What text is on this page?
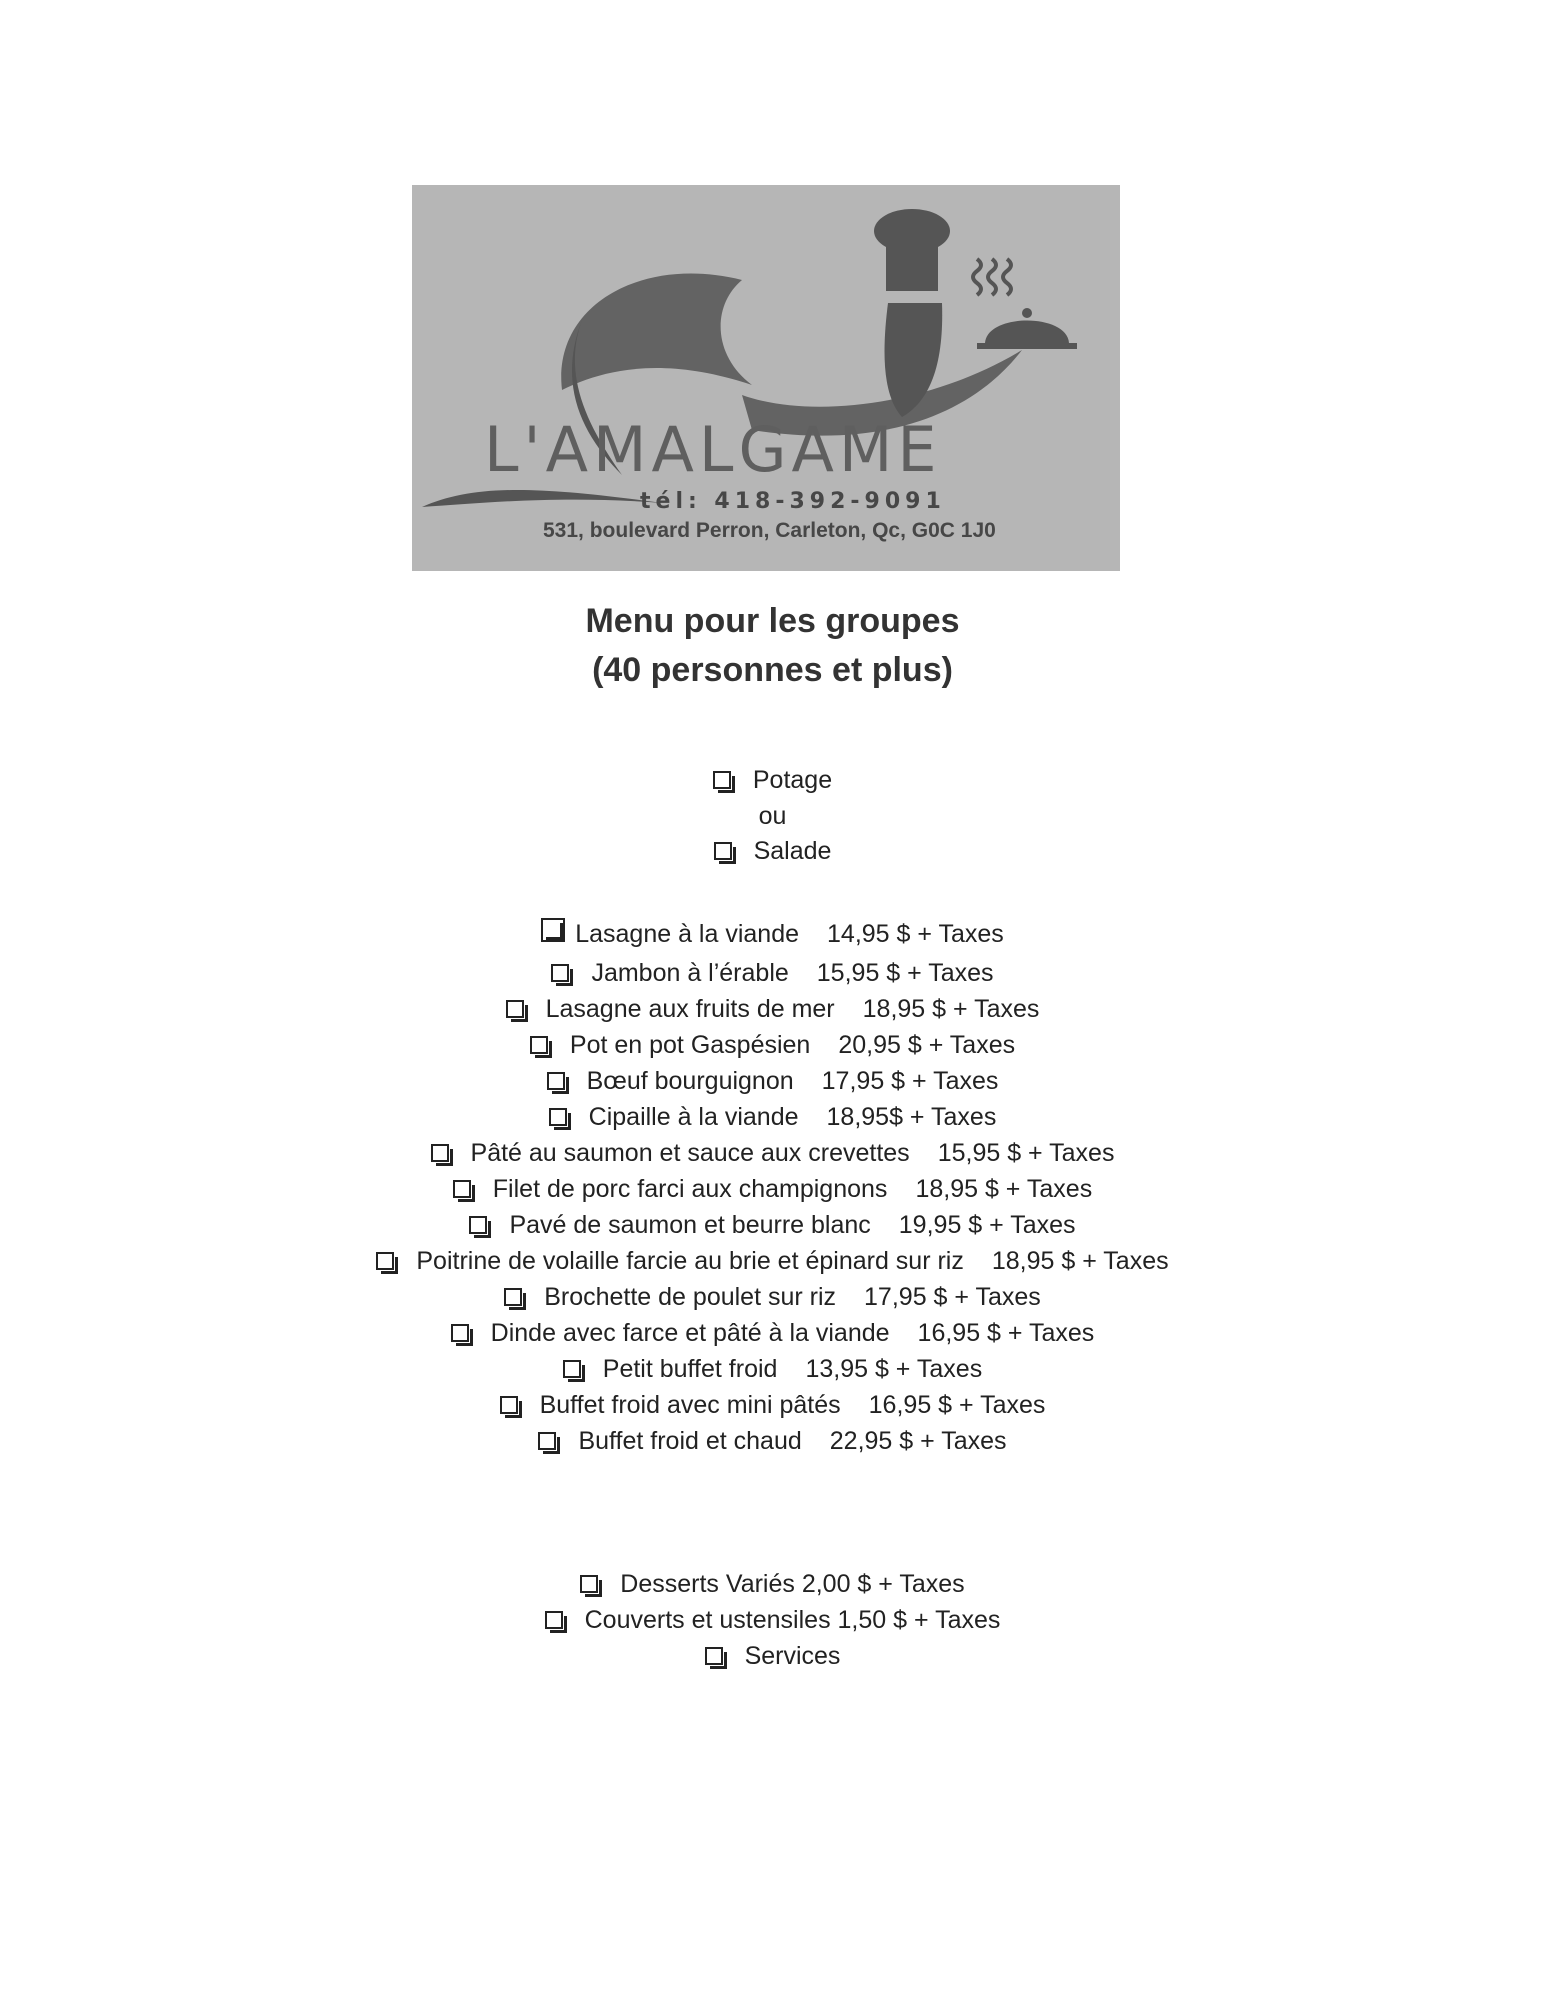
L'AMALGAME
tél: 418-392-9091
531, boulevard Perron, Carleton, Qc, G0C 1J0
Menu pour les groupes
(40 personnes et plus)
Potage
ou
Salade
Lasagne à la viande 14,95 $ + Taxes
Jambon à l’érable 15,95 $ + Taxes
Lasagne aux fruits de mer 18,95 $ + Taxes
Pot en pot Gaspésien 20,95 $ + Taxes
Bœuf bourguignon 17,95 $ + Taxes
Cipaille à la viande 18,95$ + Taxes
Pâté au saumon et sauce aux crevettes 15,95 $ + Taxes
Filet de porc farci aux champignons 18,95 $ + Taxes
Pavé de saumon et beurre blanc 19,95 $ + Taxes
Poitrine de volaille farcie au brie et épinard sur riz 18,95 $ + Taxes
Brochette de poulet sur riz 17,95 $ + Taxes
Dinde avec farce et pâté à la viande 16,95 $ + Taxes
Petit buffet froid 13,95 $ + Taxes
Buffet froid avec mini pâtés 16,95 $ + Taxes
Buffet froid et chaud 22,95 $ + Taxes
Desserts Variés 2,00 $ + Taxes
Couverts et ustensiles 1,50 $ + Taxes
Services
